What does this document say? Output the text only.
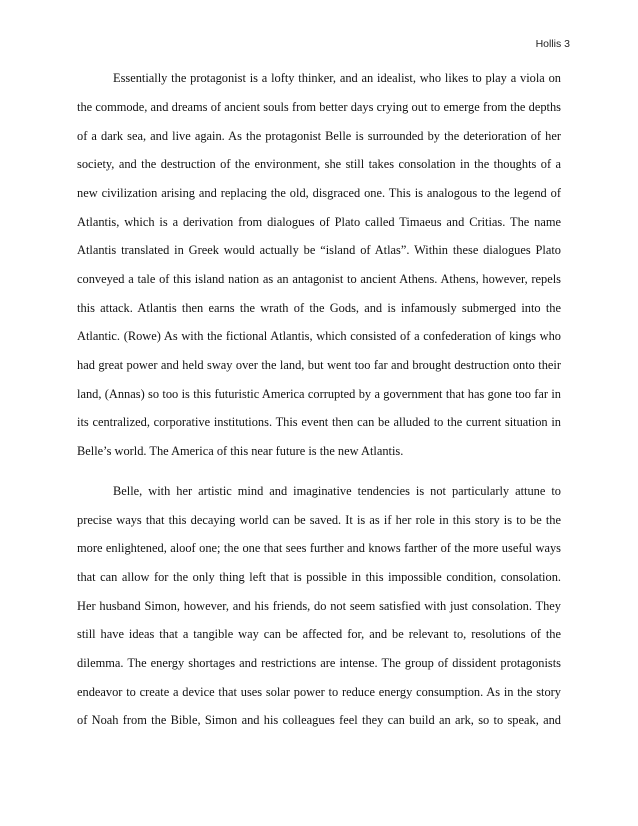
Hollis 3
Essentially the protagonist is a lofty thinker, and an idealist, who likes to play a viola on
the commode, and dreams of ancient souls from better days crying out to emerge from the depths
of a dark sea, and live again. As the protagonist Belle is surrounded by the deterioration of her
society, and the destruction of the environment, she still takes consolation in the thoughts of a
new civilization arising and replacing the old, disgraced one. This is analogous to the legend of
Atlantis, which is a derivation from dialogues of Plato called Timaeus and Critias. The name
Atlantis translated in Greek would actually be “island of Atlas”. Within these dialogues Plato
conveyed a tale of this island nation as an antagonist to ancient Athens. Athens, however, repels
this attack. Atlantis then earns the wrath of the Gods, and is infamously submerged into the
Atlantic. (Rowe) As with the fictional Atlantis, which consisted of a confederation of kings who
had great power and held sway over the land, but went too far and brought destruction onto their
land, (Annas) so too is this futuristic America corrupted by a government that has gone too far in
its centralized, corporative institutions. This event then can be alluded to the current situation in
Belle’s world. The America of this near future is the new Atlantis.
Belle, with her artistic mind and imaginative tendencies is not particularly attune to
precise ways that this decaying world can be saved. It is as if her role in this story is to be the
more enlightened, aloof one; the one that sees further and knows farther of the more useful ways
that can allow for the only thing left that is possible in this impossible condition, consolation.
Her husband Simon, however, and his friends, do not seem satisfied with just consolation. They
still have ideas that a tangible way can be affected for, and be relevant to, resolutions of the
dilemma. The energy shortages and restrictions are intense. The group of dissident protagonists
endeavor to create a device that uses solar power to reduce energy consumption. As in the story
of Noah from the Bible, Simon and his colleagues feel they can build an ark, so to speak, and
